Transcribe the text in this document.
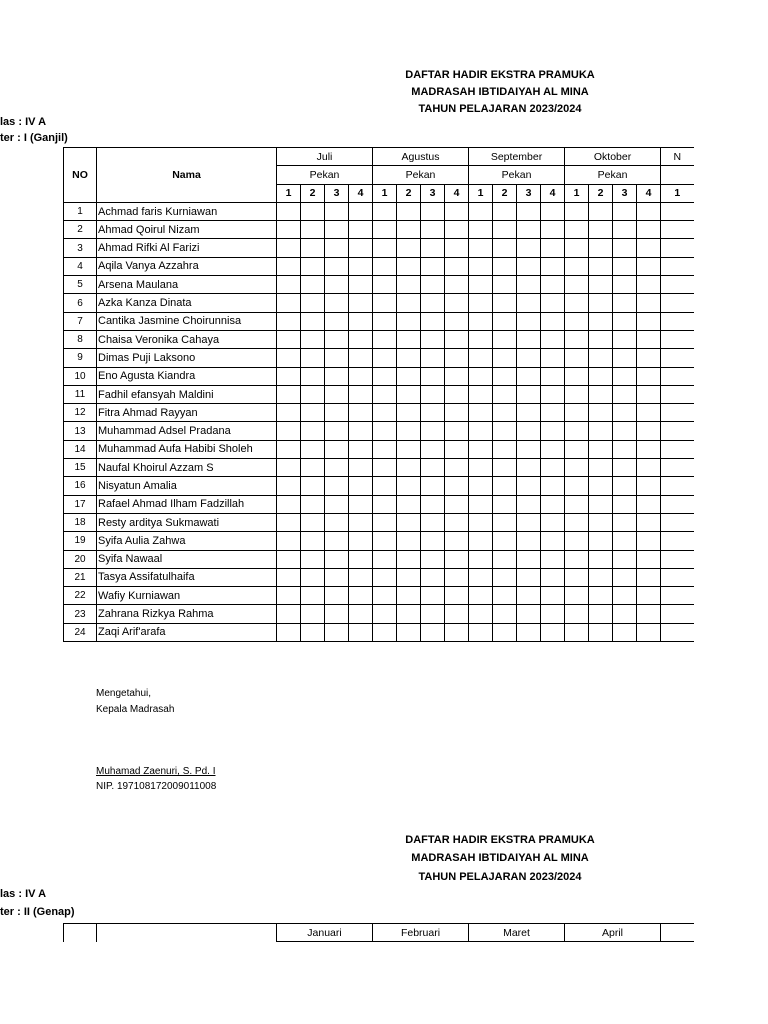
DAFTAR HADIR EKSTRA PRAMUKA
MADRASAH IBTIDAIYAH AL MINA
TAHUN PELAJARAN 2023/2024
las : IV A
ter : I (Ganjil)
NO	Nama	Juli				Agustus				September				Oktober				N
		Pekan				Pekan				Pekan				Pekan				
		1	2	3	4	1	2	3	4	1	2	3	4	1	2	3	4	1
1	Achmad faris Kurniawan																	
2	Ahmad Qoirul Nizam																	
3	Ahmad Rifki Al Farizi																	
4	Aqila Vanya Azzahra																	
5	Arsena Maulana																	
6	Azka Kanza Dinata																	
7	Cantika Jasmine Choirunnisa																	
8	Chaisa Veronika Cahaya																	
9	Dimas Puji Laksono																	
10	Eno Agusta Kiandra																	
11	Fadhil efansyah Maldini																	
12	Fitra Ahmad Rayyan																	
13	Muhammad Adsel Pradana																	
14	Muhammad Aufa Habibi Sholeh																	
15	Naufal Khoirul Azzam S																	
16	Nisyatun Amalia																	
17	Rafael Ahmad Ilham Fadzillah																	
18	Resty arditya Sukmawati																	
19	Syifa Aulia Zahwa																	
20	Syifa Nawaal																	
21	Tasya Assifatulhaifa																	
22	Wafiy Kurniawan																	
23	Zahrana Rizkya Rahma																	
24	Zaqi Arif'arafa																	
Mengetahui,
Kepala Madrasah
Muhamad Zaenuri, S. Pd. I
NIP. 197108172009011008
DAFTAR HADIR EKSTRA PRAMUKA
MADRASAH IBTIDAIYAH AL MINA
TAHUN PELAJARAN 2023/2024
las : IV A
ter : II (Genap)
		Januari	Februari	Maret	April	
